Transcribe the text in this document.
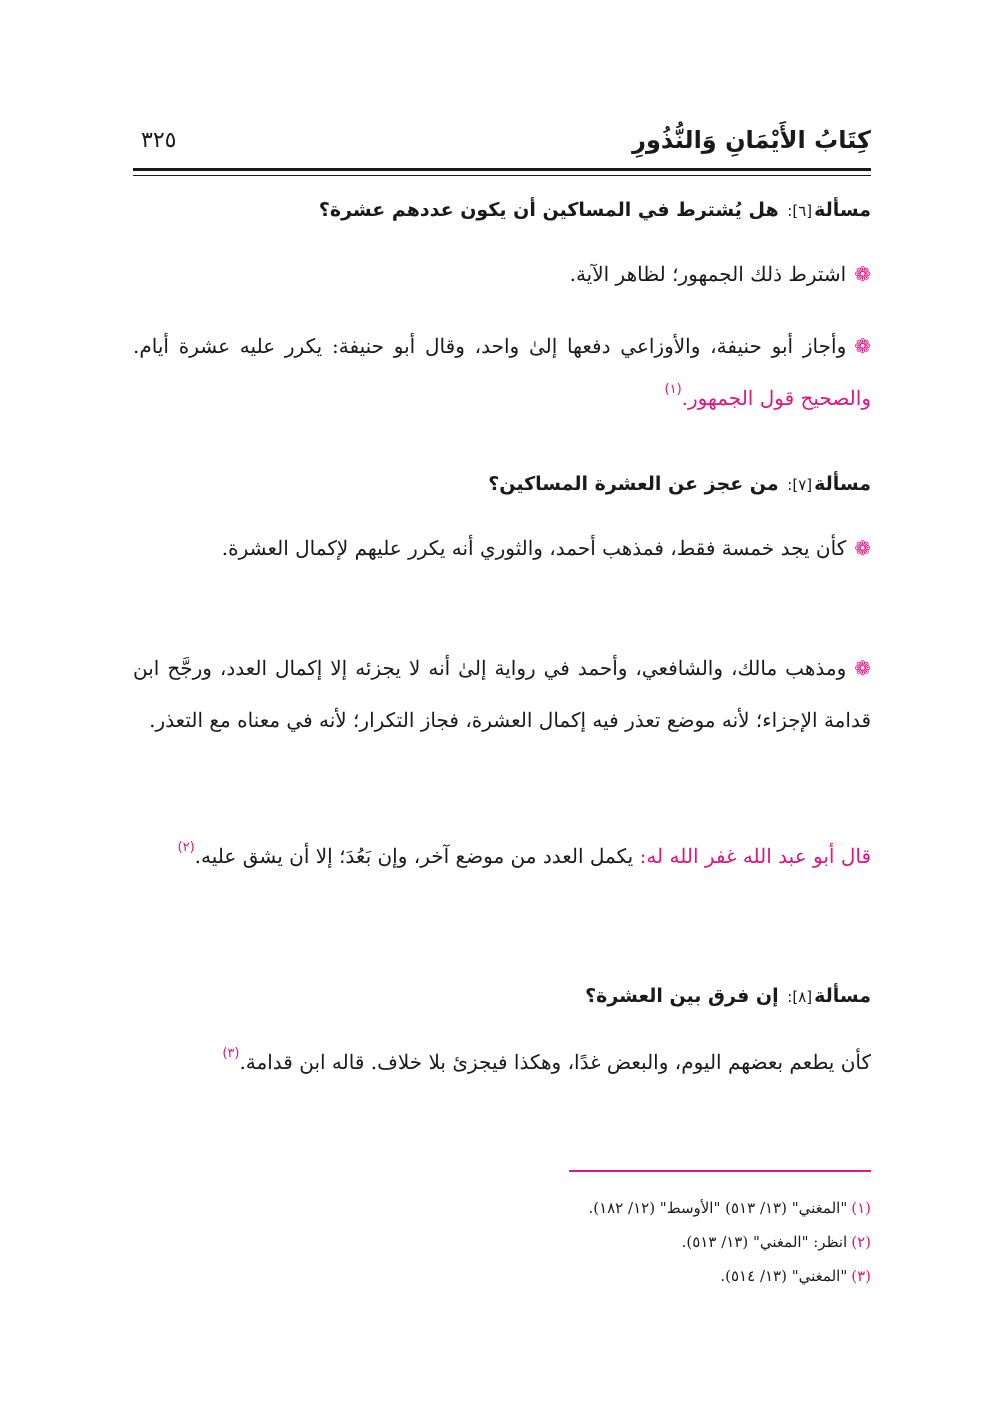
كِتَابُ الأَيْمَانِ وَالنُّذُورِ
٣٢٥
مسألة[٦]: هل يُشترط في المساكين أن يكون عددهم عشرة؟
❁اشترط ذلك الجمهور؛ لظاهر الآية.
❁وأجاز أبو حنيفة، والأوزاعي دفعها إلىٰ واحد، وقال أبو حنيفة: يكرر عليه عشرة أيام. والصحيح قول الجمهور.$^{(١)}$
مسألة[٧]: من عجز عن العشرة المساكين؟
❁كأن يجد خمسة فقط، فمذهب أحمد، والثوري أنه يكرر عليهم لإكمال العشرة.
❁ومذهب مالك، والشافعي، وأحمد في رواية إلىٰ أنه لا يجزئه إلا إكمال العدد، ورجَّح ابن قدامة الإجزاء؛ لأنه موضع تعذر فيه إكمال العشرة، فجاز التكرار؛ لأنه في معناه مع التعذر.
قال أبو عبد الله غفر الله له: يكمل العدد من موضع آخر، وإن بَعُدَ؛ إلا أن يشق عليه.$^{(٢)}$
مسألة[٨]: إن فرق بين العشرة؟
كأن يطعم بعضهم اليوم، والبعض غدًا، وهكذا فيجزئ بلا خلاف. قاله ابن قدامة.$^{(٣)}$
(١)"المغني" (١٣/ ٥١٣) "الأوسط" (١٢/ ١٨٢).
(٢)انظر: "المغني" (١٣/ ٥١٣).
(٣)"المغني" (١٣/ ٥١٤).
